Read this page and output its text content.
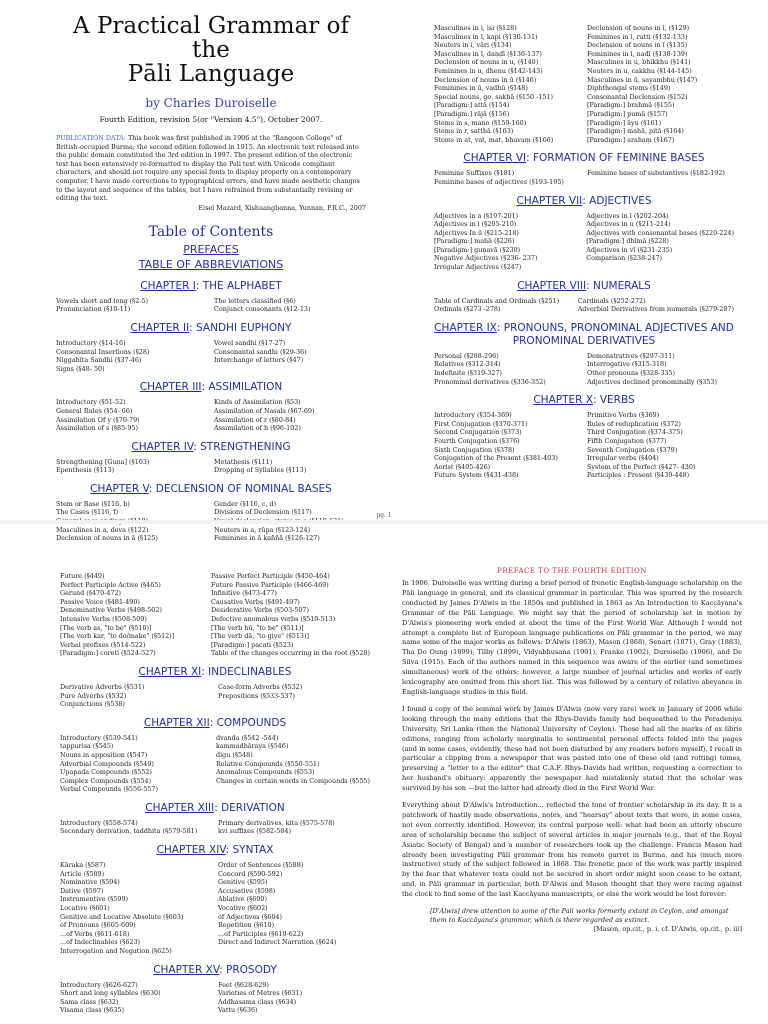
A Practical Grammar of the
Pāli Language
by Charles Duroiselle
Fourth Edition, revision 5(or "Version 4.5"), October 2007.
PUBLICATION DATA: This book was first published in 1906 at the "Rangoon College" of British-occupied Burma; the second edition followed in 1915. An electronic text released into the public domain constituted the 3rd edition in 1997. The present edition of the electronic text has been extensively re-formatted to display the Pali text with Unicode compliant characters, and should not require any special fonts to display properly on a contemporary computer. I have made corrections to typographical errors, and have made aesthetic changes to the layout and sequence of the tables, but I have refrained from substantially revising or editing the text.
Eisel Mazard, Xishuangbanna, Yunnan, P.R.C., 2007
Table of Contents
PREFACES
TABLE OF ABBREVIATIONS
CHAPTER I: THE ALPHABET
Vowels short and long (§2-5)	The letters classified (§6)
Pronunciation (§10-11)	Conjunct consonants (§12-13)
CHAPTER II: SANDHI EUPHONY
Introductory (§14-16)	Vowel sandhi (§17-27)
Consonantal Insertions (§28)	Consonantal sandhi (§29-36)
Niggahīta Sandhi (§37-46)	Interchange of letters (§47)
Signs (§48- 50)
CHAPTER III: ASSIMILATION
Introductory (§51-52)	Kinds of Assimilation (§53)
General Rules (§54- 66)	Assimilation of Nasals (§67-69)
Assimilation Of y (§70-79)	Assimilation of r (§80-84)
Assimilation of s (§85-95)	Assimilation of h (§96-102)
CHAPTER IV: STRENGTHENING
Strengthening [Guṇa] (§103)	Metathesis (§111)
Epenthesis (§113)	Dropping of Syllables (§113)
CHAPTER V: DECLENSION OF NOMINAL BASES
Stem or Base (§116, b)	Gender (§116, c, d)
The Cases (§116, f)	Divisions of Declension (§117)
Masculines in a, deva (§122)	Neuters in a, rūpa (§123-124)
Declension of nouns in ā (§125)	Feminines in ā kaññā (§126-127)
Masculines in i, isi (§128)	Declension of nouns in ī, (§129)
Masculines in ī, kapi (§130-131)	Feminines in ī, ratti (§132-133)
Neuters in i, vāri (§134)	Declension of nouns in ī (§135)
Masculines in ī, daṇḍī (§136-137)	Feminines in ī, nadī (§138-139)
Declension of nouns in u, (§140)	Masculines in u, bhikkhu (§141)
Feminines in u, dhenu (§142-143)	Neuters in u, cakkhu (§144-145)
Declension of nouns in ū (§146)	Masculines in ū, sayambhu (§147)
Feminines in ū, vadhū (§148)	Diphthongal stems (§149)
Special nouns, go, sakhā (§150 -151)	Consonantal Declension (§152)
[Paradigm:] attā (§154)	[Paradigm:] brahmā (§155)
[Paradigm:] rājā (§156)	[Paradigm:] pumā (§157)
Stems in s, mano (§159-160)	[Paradigm:] āyu (§161)
Stems in r, satthā (§163)	[Paradigm:] mahā, pitā (§164)
Stems in at, vat, mat, bhavaṃ (§166)	[Paradigm:] arahaṃ (§167)
CHAPTER VI: FORMATION OF FEMININE BASES
Feminine Suffixes (§181)	Feminine bases of substantives (§182-192)
Feminine bases of adjectives (§193-195)
CHAPTER VII: ADJECTIVES
Adjectives in a (§197-201)	Adjectives in ī (§202-204)
Adjectives in i (§205-210)	Adjectives in u (§211-214)
Adjectives In ū (§215-218)	Adjectives with consonantal bases (§220-224)
[Paradigm:] mahā (§226)	[Paradigm:] dhīmā (§228)
[Paradigm:] guṇavā (§230)	Adjectives in vī (§231-235)
Negative Adjectives (§236- 237)	Comparison (§238-247)
Irregular Adjectives (§247)
CHAPTER VIII: NUMERALS
Table of Cardinals and Ordinals (§251)	Cardinals (§252-272)
Ordinals (§273 -278)	Adverbial Derivatives from numerals (§279-287)
CHAPTER IX: PRONOUNS, PRONOMINAL ADJECTIVES AND PRONOMINAL DERIVATIVES
Personal (§288-296)	Demonstratives (§297-311)
Relatives (§312-314)	Interrogative (§315-318)
Indefinite (§319-327)	Other pronouns (§328-335)
Pronominal derivatives (§336-352)	Adjectives declined pronominally (§353)
CHAPTER X: VERBS
Introductory (§354-369)	Primitive Verbs (§369)
First Conjugation (§370-371)	Rules of reduplication (§372)
Second Conjugation (§373)	Third Conjugation (§374-375)
Fourth Conjugation (§376)	Fifth Conjugation (§377)
Sixth Conjugation (§378)	Seventh Conjugation (§379)
Conjugation of the Present (§381-403)	Irregular verbs (§404)
Aorist (§405-426)	System of the Perfect (§427- 430)
Future System (§431-438)	Participles : Present (§439-448)
pg. 1
Future (§449)	Passive Perfect Participle (§450-464)
Perfect Participle Active (§465)	Future Passive Participle (§466-469)
Gerund (§470-472)	Infinitive (§473-477)
Passive Voice (§481-490)	Causative Verbs (§491-497)
Denominative Verbs (§498-502)	Desiderative Verbs (§503-507)
Intensive Verbs (§508-509)	Defective anomalous verbs (§510-513)
[The verb as, "to be" (§510)]	[The verb hū, "to be" (§511)]
[The verb kar, "to do/make" (§512)]	[The verb dā, "to give" (§513)]
Verbal prefixes (§514-522)	[Paradigm:] pacati (§523)
[Paradigm:] coreti (§524-527)	Table of the changes occurring in the root (§528)
CHAPTER XI: INDECLINABLES
Derivative Adverbs (§531)	Case-form Adverbs (§532)
Pure Adverbs (§532)	Prepositions (§533-537)
Conjunctions (§538)
CHAPTER XII: COMPOUNDS
Introductory (§539-541)	dvanda (§542 -544)
tappurisa (§545)	kammadhāraya (§546)
Nouns in apposition (§547)	digu (§548)
Adverbial Compounds (§549)	Relative Compounds (§550-551)
Upapada Compounds (§552)	Anomalous Compounds (§553)
Complex Compounds (§554)	Changes in certain words in Compounds (§555)
Verbal Compounds (§556-557)
CHAPTER XIII: DERIVATION
Introductory (§558-574)	Primary derivatives, kita (§575-578)
Secondary derivation, taddhita (§579-581)	kvi suffixes (§582-584)
CHAPTER XIV: SYNTAX
Kāraka (§587)	Order of Sentences (§588)
Article (§589)	Concord (§590-592)
Nominative (§594)	Genitive (§595)
Dative (§597)	Accusative (§598)
Instrumentive (§599)	Ablative (§600)
Locative (§601)	Vocative (§602)
Genitive and Locative Absolute (§603)	of Adjectives (§604)
of Pronouns (§605-609)	Repetition (§610)
...of Verbs (§611-618)	...of Participles (§619-622)
...of Indeclinables (§623)	Direct and Indirect Narration (§624)
Interrogation and Negation (§625)
CHAPTER XV: PROSODY
Introductory (§626-627)	Feet (§628-629)
Short and long syllables (§630)	Varieties of Metres (§631)
Sama class (§632)	Addhasama class (§634)
Visama class (§635)	Vattu (§636)
PREFACE TO THE FOURTH EDITION

In 1906, Duroiselle was writing during a brief period of frenetic English-language scholarship on the Pāli language in general, and its classical grammar in particular. This was spurred by the research conducted by James D'Alwis in the 1850s and published in 1863 as An Introduction to Kaccāyana's Grammar of the Pāli Language. We might say that the period of scholarship set in motion by D'Alwis's pioneering work ended at about the time of the First World War. Although I would not attempt a complete list of European language publications on Pāli grammar in the period, we may name some of the major works as follows: D'Alwis (1863), Mason (1868), Senart (1871), Gray (1883), Tha Do Oung (1899), Tilby (1899), Vidyabhusana (1901), Franke (1902), Duroiselle (1906), and De Silva (1915). Each of the authors named in this sequence was aware of the earlier (and sometimes simultaneous) work of the others; however, a large number of journal articles and works of early lexicography are omitted from this short list. This was followed by a century of relative abeyance in English-language studies in this field.

I found a copy of the seminal work by James D'Alwis (now very rare) work in January of 2006 while looking through the many editions that the Rhys-Davids family had bequeathed to the Peradeniya University, Sri Lanka (then the National University of Ceylon). These had all the marks of ex libris editions, ranging from scholarly marginalia to sentimental personal effects folded into the pages (and in some cases, evidently, these had not been disturbed by any readers before myself). I recall in particular a clipping from a newspaper that was pasted into one of these old (and rotting) tomes, preserving a "letter to a the editor" that C.A.F. Rhys-Davids had written, requesting a correction to her husband's obituary: apparently the newspaper had mistakenly stated that the scholar was survived by his son —but the latter had already died in the First World War.

Everything about D'Alwis's Introduction... reflected the tone of frontier scholarship in its day. It is a patchwork of hastily made observations, notes, and "hearsay" about texts that were, in some cases, not even correctly identified. However, its central purpose well: what had been an utterly obscure area of scholarship became the subject of several articles in major journals (e.g., that of the Royal Asiatic Society of Bengal) and a number of researchers took up the challenge. Francis Mason had already been investigating Pāli grammar from his remote garret in Burma, and his (much more instructive) study of the subject followed in 1868. The frenetic pace of the work was partly inspired by the fear that whatever texts could not be secured in short order might soon cease to be extant, and, in Pāli grammar in particular, both D'Alwis and Mason thought that they were racing against the clock to find some of the last Kaccāyana manuscripts, or else the work would be lost forever:

[D'Alwis] drew attention to some of the Pali works formerly extant in Ceylon, and amongst them to Kaccāyana's grammar, which is there regarded as extinct.
[Mason, op.cit., p. i, cf. D'Alwis, op.cit., p. iii]
